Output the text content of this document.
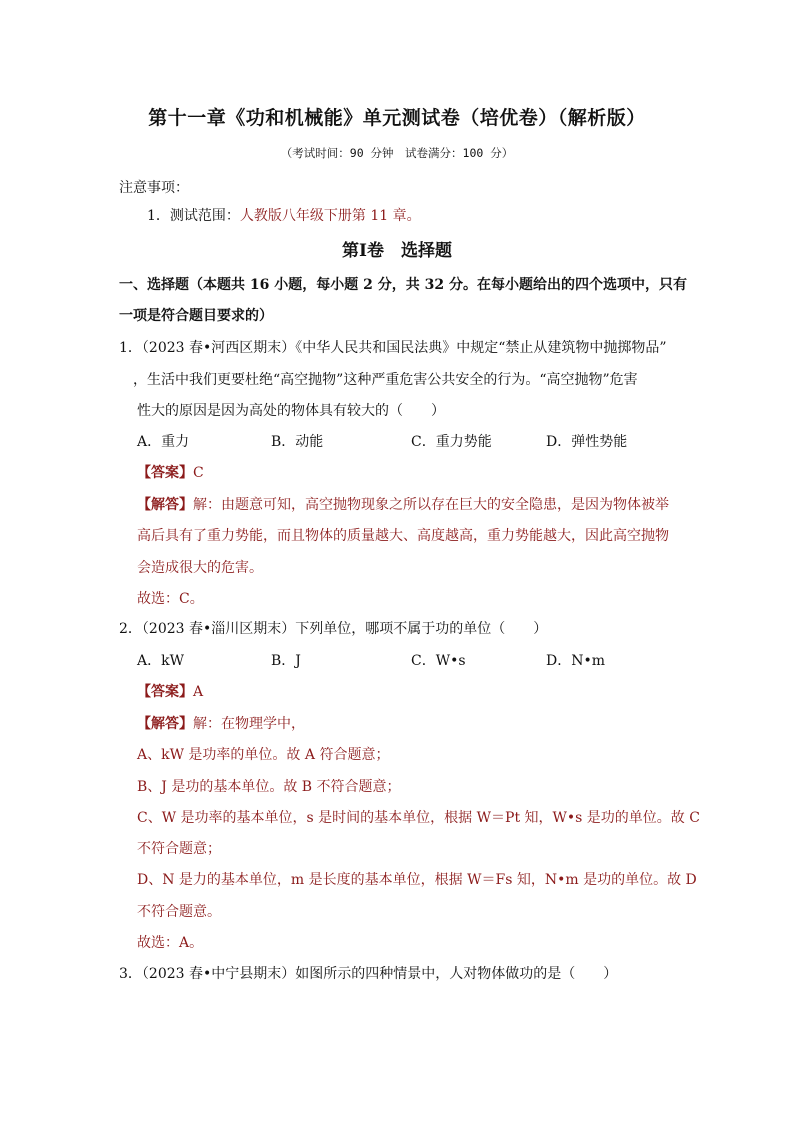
第十一章《功和机械能》单元测试卷（培优卷）（解析版）
（考试时间：90 分钟　试卷满分：100 分）
注意事项：
1．测试范围：人教版八年级下册第 11 章。
第Ⅰ卷　选择题
一、选择题（本题共 16 小题，每小题 2 分，共 32 分。在每小题给出的四个选项中，只有
一项是符合题目要求的）
1．（2023 春•河西区期末）《中华人民共和国民法典》中规定“禁止从建筑物中抛掷物品”
，生活中我们更要杜绝“高空抛物”这种严重危害公共安全的行为。“高空抛物”危害
性大的原因是因为高处的物体具有较大的（　　）
A．重力	B．动能	C．重力势能	D．弹性势能
【答案】C
【解答】解：由题意可知，高空抛物现象之所以存在巨大的安全隐患，是因为物体被举
高后具有了重力势能，而且物体的质量越大、高度越高，重力势能越大，因此高空抛物
会造成很大的危害。
故选：C。
2．（2023 春•淄川区期末）下列单位，哪项不属于功的单位（　　）
A．kW	B．J	C．W•s	D．N•m
【答案】A
【解答】解：在物理学中，
A、kW 是功率的单位。故 A 符合题意；
B、J 是功的基本单位。故 B 不符合题意；
C、W 是功率的基本单位，s 是时间的基本单位，根据 W＝Pt 知，W•s 是功的单位。故 C
不符合题意；
D、N 是力的基本单位，m 是长度的基本单位，根据 W＝Fs 知，N•m 是功的单位。故 D
不符合题意。
故选：A。
3．（2023 春•中宁县期末）如图所示的四种情景中，人对物体做功的是（　　）
